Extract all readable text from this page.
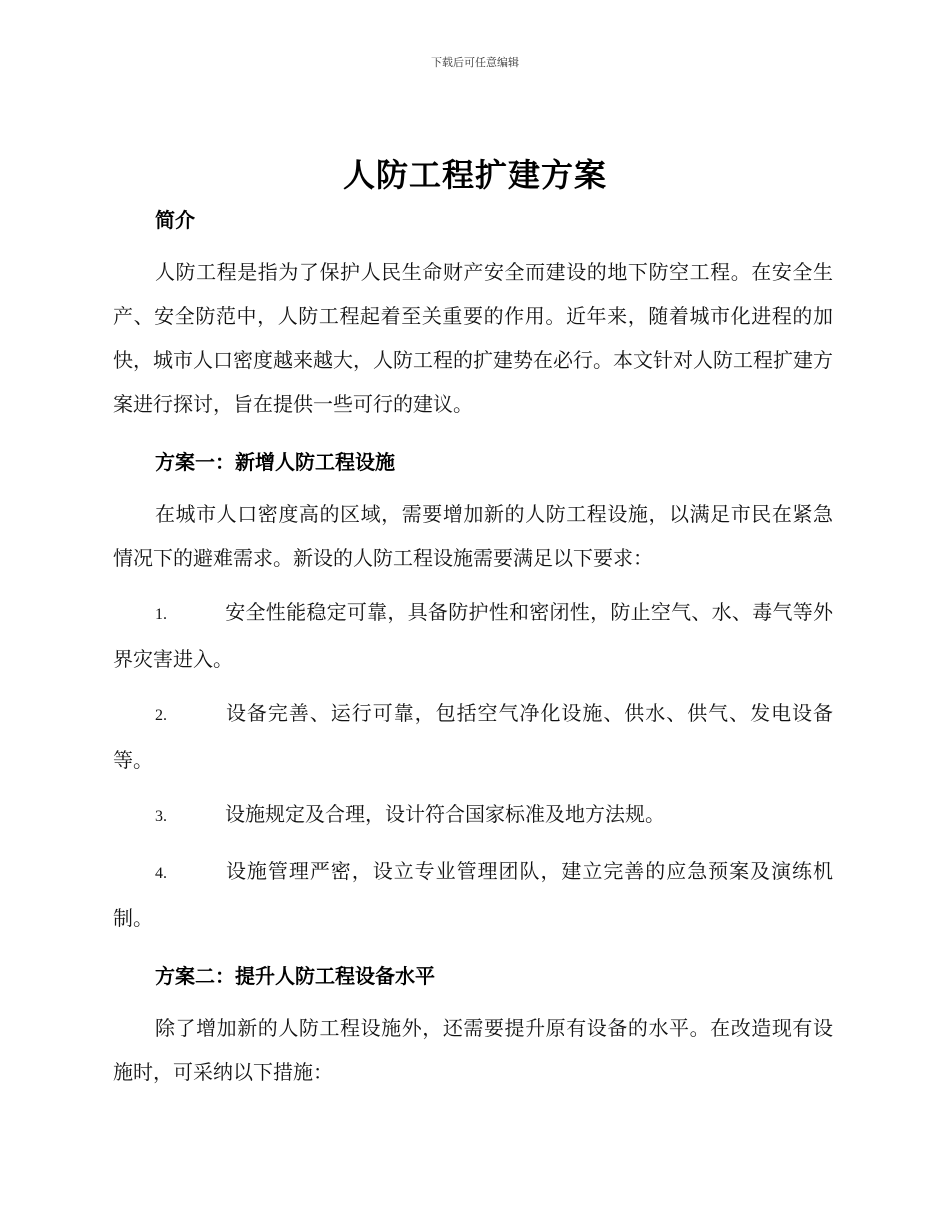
下载后可任意编辑
人防工程扩建方案

简介

人防工程是指为了保护人民生命财产安全而建设的地下防空工程。在安全生产、安全防范中，人防工程起着至关重要的作用。近年来，随着城市化进程的加快，城市人口密度越来越大，人防工程的扩建势在必行。本文针对人防工程扩建方案进行探讨，旨在提供一些可行的建议。

方案一：新增人防工程设施

在城市人口密度高的区域，需要增加新的人防工程设施，以满足市民在紧急情况下的避难需求。新设的人防工程设施需要满足以下要求：

1.	安全性能稳定可靠，具备防护性和密闭性，防止空气、水、毒气等外界灾害进入。

2.	设备完善、运行可靠，包括空气净化设施、供水、供气、发电设备等。

3.	设施规定及合理，设计符合国家标准及地方法规。

4.	设施管理严密，设立专业管理团队，建立完善的应急预案及演练机制。

方案二：提升人防工程设备水平

除了增加新的人防工程设施外，还需要提升原有设备的水平。在改造现有设施时，可采纳以下措施：
